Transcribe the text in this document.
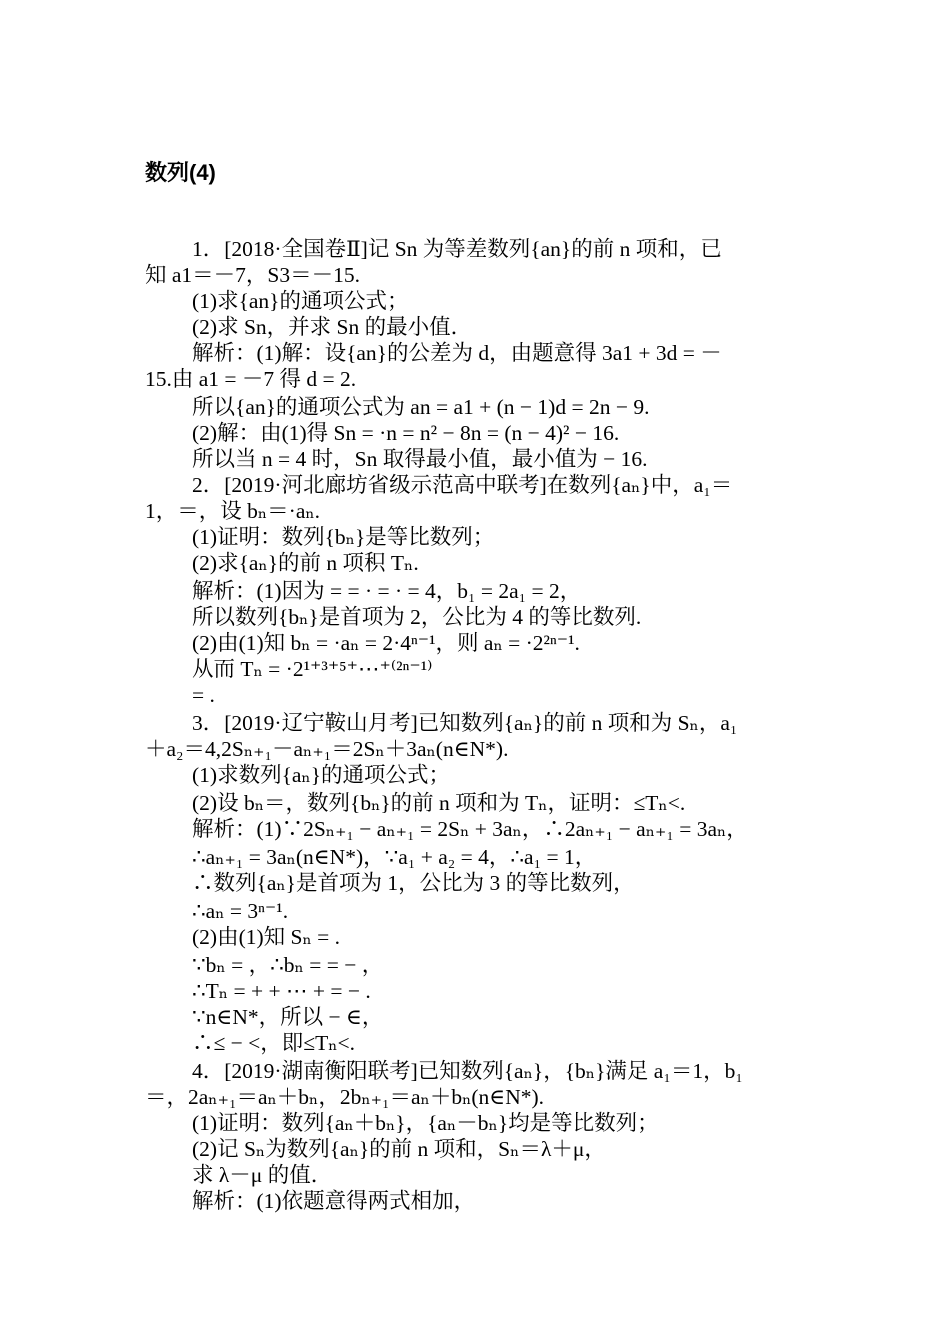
数列(4)
1．[2018·全国卷Ⅱ]记 Sn 为等差数列{an}的前 n 项和，已
知 a1＝－7，S3＝－15.
(1)求{an}的通项公式；
(2)求 Sn，并求 Sn 的最小值．
解析：(1)解：设{an}的公差为 d，由题意得 3a1 + 3d = －
15.由 a1 = －7 得 d = 2.
所以{an}的通项公式为 an = a1 + (n − 1)d = 2n − 9.
(2)解：由(1)得 Sn = ·n = n² − 8n = (n − 4)² − 16.
所以当 n = 4 时，Sn 取得最小值，最小值为 − 16.
2．[2019·河北廊坊省级示范高中联考]在数列{aₙ}中，a₁＝
1，＝，设 bₙ＝·aₙ.
(1)证明：数列{bₙ}是等比数列；
(2)求{aₙ}的前 n 项积 Tₙ.
解析：(1)因为 = = · = · = 4，b₁ = 2a₁ = 2，
所以数列{bₙ}是首项为 2，公比为 4 的等比数列.
(2)由(1)知 bₙ = ·aₙ = 2·4ⁿ⁻¹，则 aₙ = ·2²ⁿ⁻¹.
从而 Tₙ = ·2¹⁺³⁺⁵⁺⋯⁺⁽²ⁿ⁻¹⁾
= .
3．[2019·辽宁鞍山月考]已知数列{aₙ}的前 n 项和为 Sₙ，a₁
＋a₂＝4,2Sₙ₊₁－aₙ₊₁＝2Sₙ＋3aₙ(n∈N*).
(1)求数列{aₙ}的通项公式；
(2)设 bₙ＝，数列{bₙ}的前 n 项和为 Tₙ，证明：≤Tₙ<.
解析：(1)∵2Sₙ₊₁ − aₙ₊₁ = 2Sₙ + 3aₙ，∴2aₙ₊₁ − aₙ₊₁ = 3aₙ，
∴aₙ₊₁ = 3aₙ(n∈N*)，∵a₁ + a₂ = 4，∴a₁ = 1，
∴数列{aₙ}是首项为 1，公比为 3 的等比数列，
∴aₙ = 3ⁿ⁻¹.
(2)由(1)知 Sₙ = .
∵bₙ = ，∴bₙ = = − ，
∴Tₙ = + + ⋯ + = − .
∵n∈N*，所以 − ∈，
∴≤ − <，即≤Tₙ<.
4．[2019·湖南衡阳联考]已知数列{aₙ}，{bₙ}满足 a₁＝1，b₁
＝，2aₙ₊₁＝aₙ＋bₙ，2bₙ₊₁＝aₙ＋bₙ(n∈N*).
(1)证明：数列{aₙ＋bₙ}，{aₙ－bₙ}均是等比数列；
(2)记 Sₙ为数列{aₙ}的前 n 项和，Sₙ＝λ＋μ，
求 λ－μ 的值．
解析：(1)依题意得两式相加，
